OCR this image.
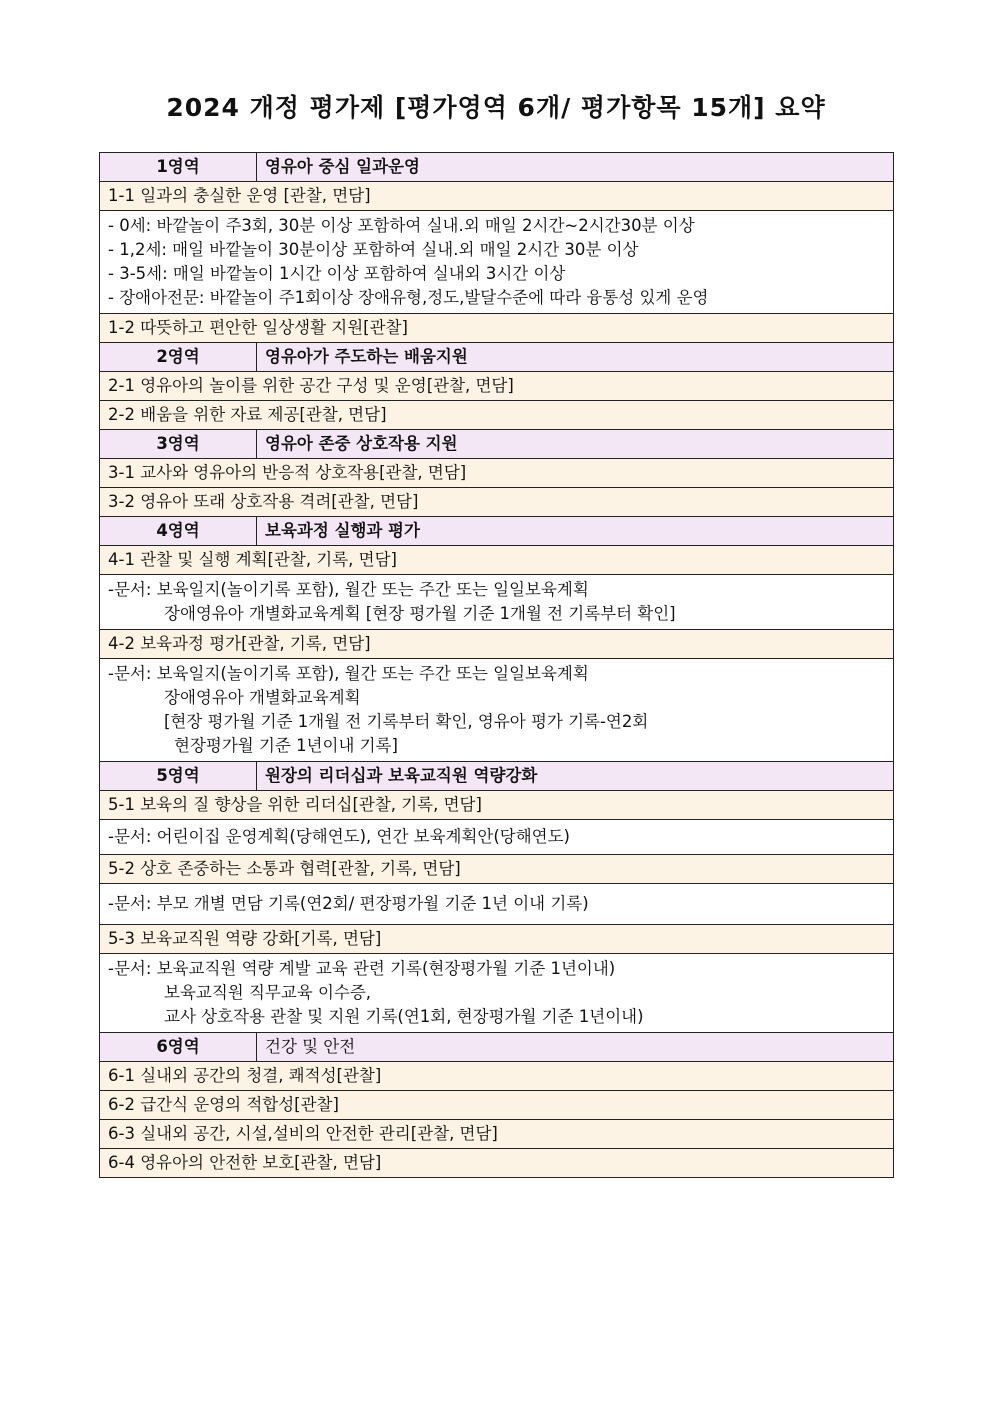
2024 개정 평가제 [평가영역 6개/ 평가항목 15개] 요약
1영역	영유아 중심 일과운영
1-1 일과의 충실한 운영 [관찰, 면담]	

- 0세: 바깥놀이 주3회, 30분 이상 포함하여 실내.외 매일 2시간~2시간30분 이상
- 1,2세: 매일 바깥놀이 30분이상 포함하여 실내.외 매일 2시간 30분 이상
- 3-5세: 매일 바깥놀이 1시간 이상 포함하여 실내외 3시간 이상
- 장애아전문: 바깥놀이 주1회이상 장애유형,정도,발달수준에 따라 융통성 있게 운영	

1-2 따뜻하고 편안한 일상생활 지원[관찰]	
2영역	영유아가 주도하는 배움지원
2-1 영유아의 놀이를 위한 공간 구성 및 운영[관찰, 면담]	
2-2 배움을 위한 자료 제공[관찰, 면담]	
3영역	영유아 존중 상호작용 지원
3-1 교사와 영유아의 반응적 상호작용[관찰, 면담]	
3-2 영유아 또래 상호작용 격려[관찰, 면담]	
4영역	보육과정 실행과 평가
4-1 관찰 및 실행 계획[관찰, 기록, 면담]	

-문서: 보육일지(놀이기록 포함), 월간 또는 주간 또는 일일보육계획
장애영유아 개별화교육계획 [현장 평가월 기준 1개월 전 기록부터 확인]	

4-2 보육과정 평가[관찰, 기록, 면담]	

-문서: 보육일지(놀이기록 포함), 월간 또는 주간 또는 일일보육계획
장애영유아 개별화교육계획
[현장 평가월 기준 1개월 전 기록부터 확인, 영유아 평가 기록-연2회
현장평가월 기준 1년이내 기록]	

5영역	원장의 리더십과 보육교직원 역량강화
5-1 보육의 질 향상을 위한 리더십[관찰, 기록, 면담]	
-문서: 어린이집 운영계획(당해연도), 연간 보육계획안(당해연도)	
5-2 상호 존중하는 소통과 협력[관찰, 기록, 면담]	
-문서: 부모 개별 면담 기록(연2회/ 편장평가월 기준 1년 이내 기록)	
5-3 보육교직원 역량 강화[기록, 면담]	

-문서: 보육교직원 역량 계발 교육 관련 기록(현장평가월 기준 1년이내)
보육교직원 직무교육 이수증,
교사 상호작용 관찰 및 지원 기록(연1회, 현장평가월 기준 1년이내)	

6영역	건강 및 안전
6-1 실내외 공간의 청결, 쾌적성[관찰]	
6-2 급간식 운영의 적합성[관찰]	
6-3 실내외 공간, 시설,설비의 안전한 관리[관찰, 면담]	
6-4 영유아의 안전한 보호[관찰, 면담]	
